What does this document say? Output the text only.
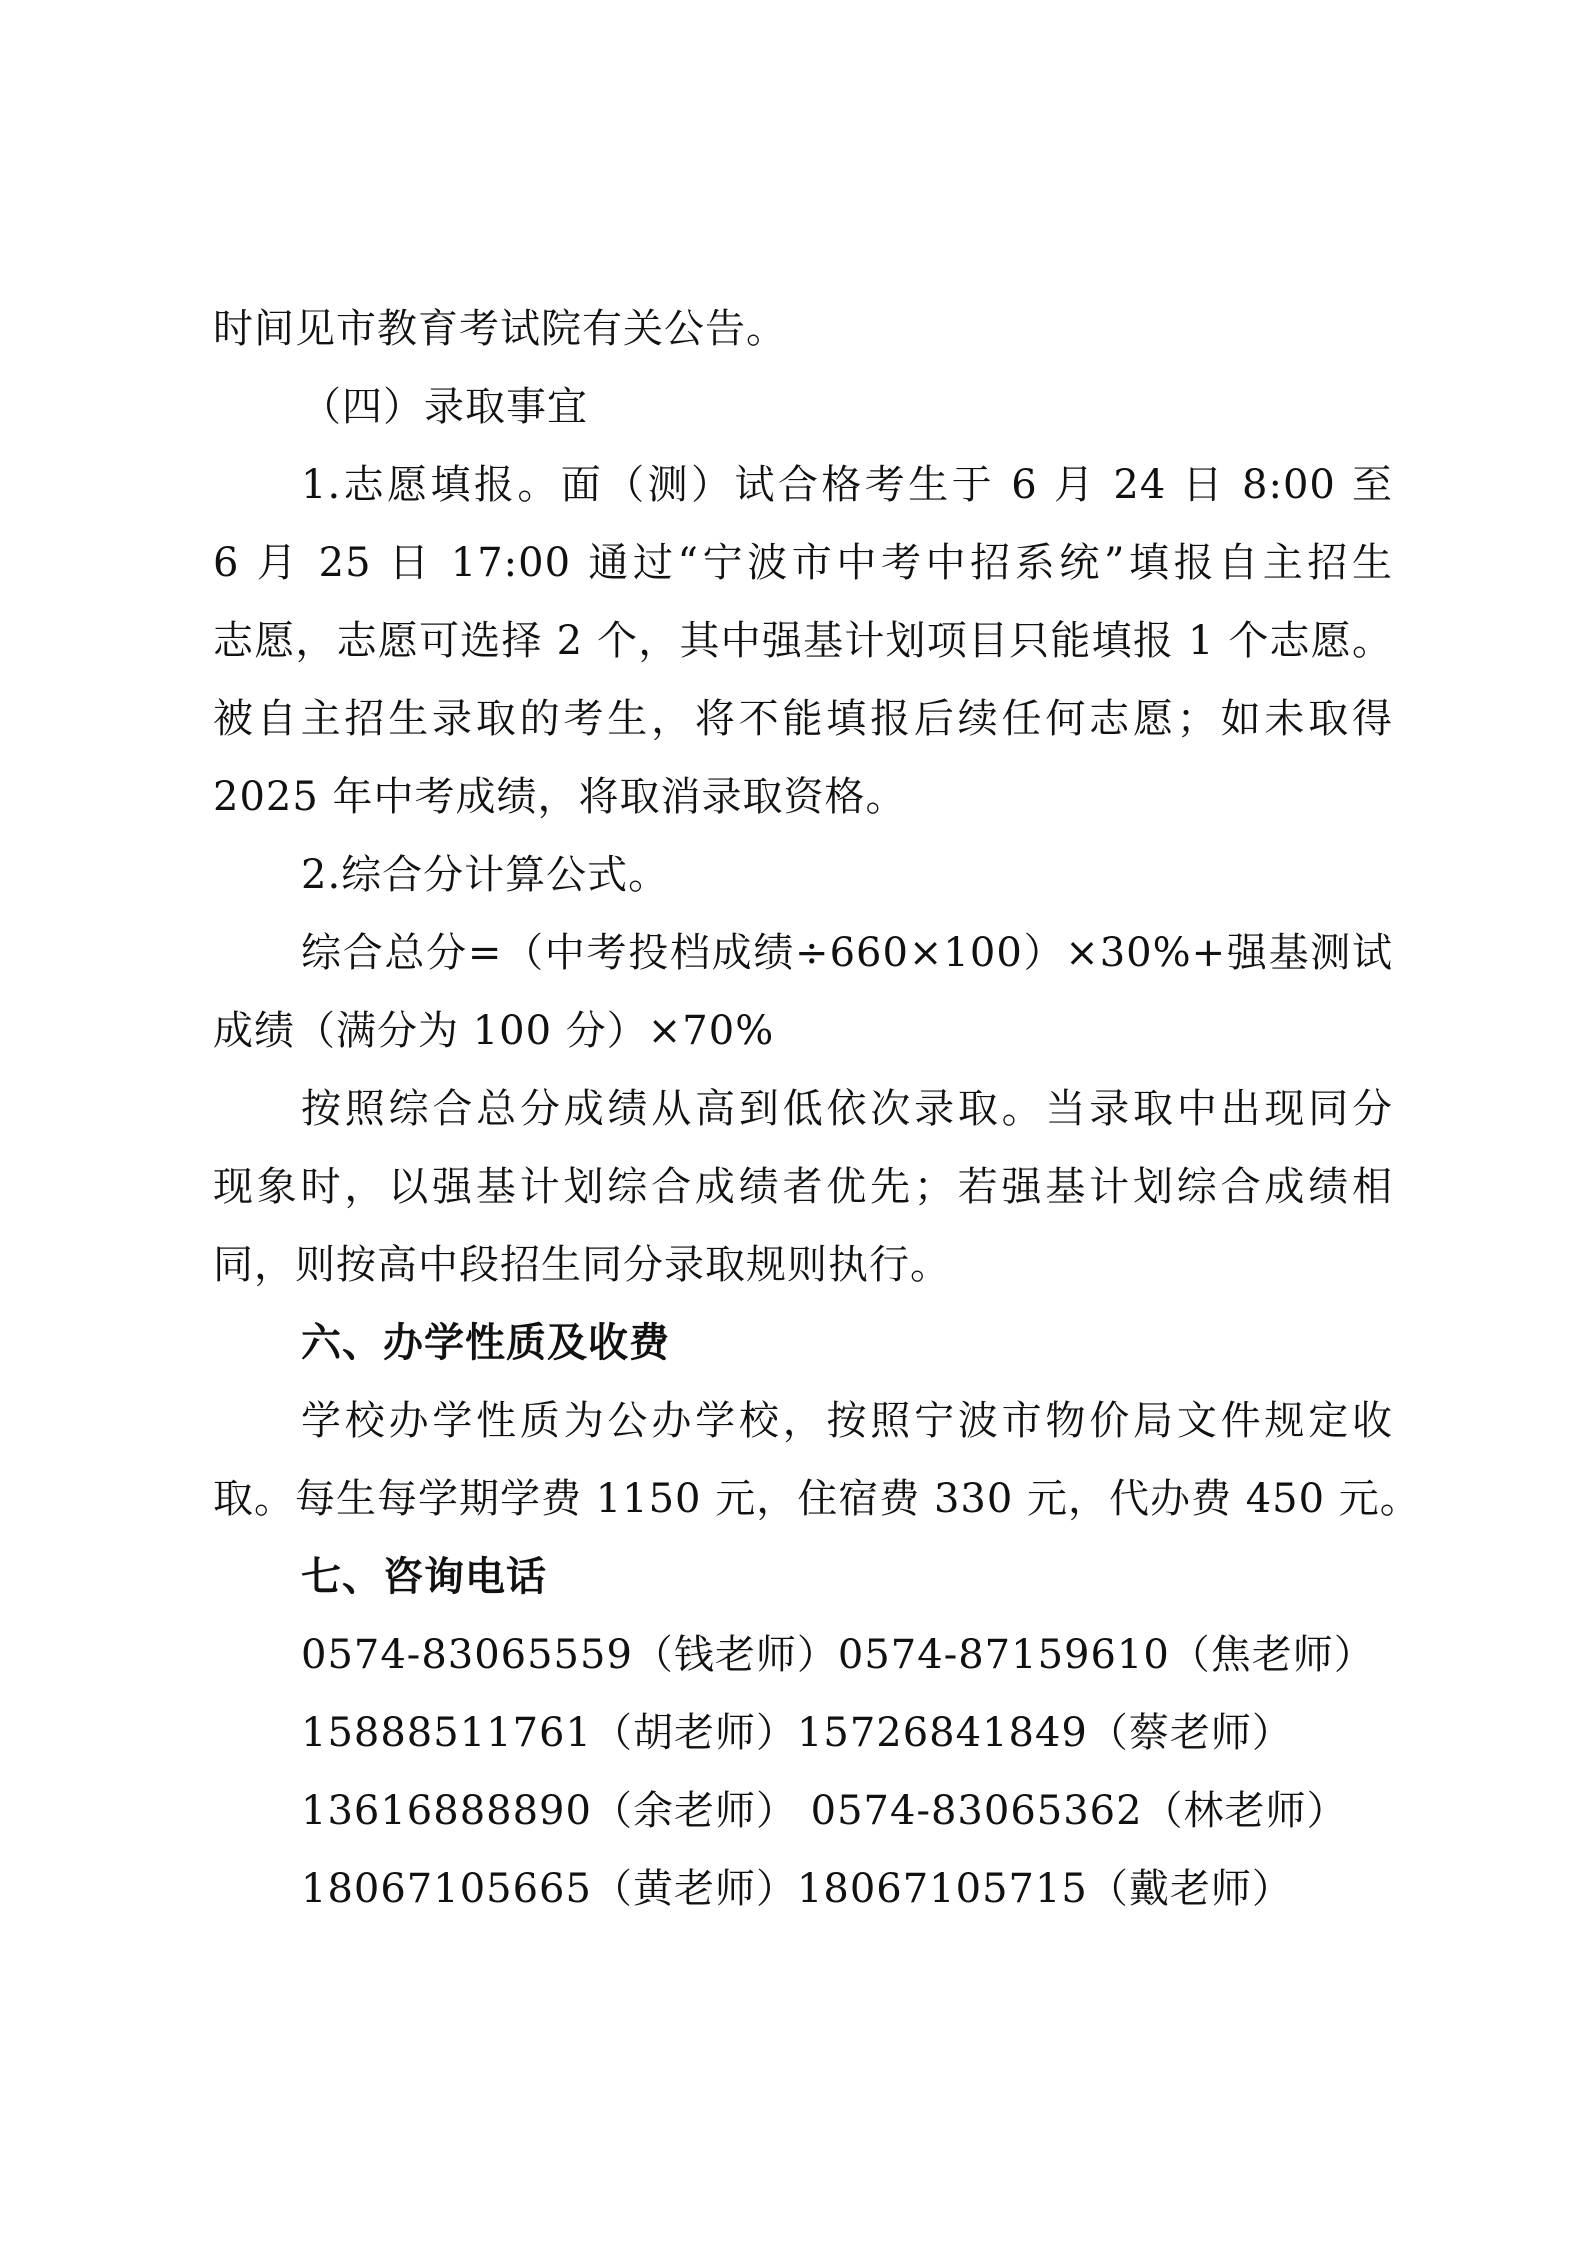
时间见市教育考试院有关公告。
（四）录取事宜
1.志愿填报。面（测）试合格考生于 6 月 24 日 8:00 至
6 月 25 日 17:00 通过“宁波市中考中招系统”填报自主招生
志愿，志愿可选择 2 个，其中强基计划项目只能填报 1 个志愿。
被自主招生录取的考生，将不能填报后续任何志愿；如未取得
2025 年中考成绩，将取消录取资格。
2.综合分计算公式。
综合总分=（中考投档成绩÷660×100）×30%+强基测试
成绩（满分为 100 分）×70%
按照综合总分成绩从高到低依次录取。当录取中出现同分
现象时，以强基计划综合成绩者优先；若强基计划综合成绩相
同，则按高中段招生同分录取规则执行。
六、办学性质及收费
学校办学性质为公办学校，按照宁波市物价局文件规定收
取。每生每学期学费 1150 元，住宿费 330 元，代办费 450 元。
七、咨询电话
0574-83065559（钱老师）0574-87159610（焦老师）
15888511761（胡老师）15726841849（蔡老师）
13616888890（余老师） 0574-83065362（林老师）
18067105665（黄老师）18067105715（戴老师）
